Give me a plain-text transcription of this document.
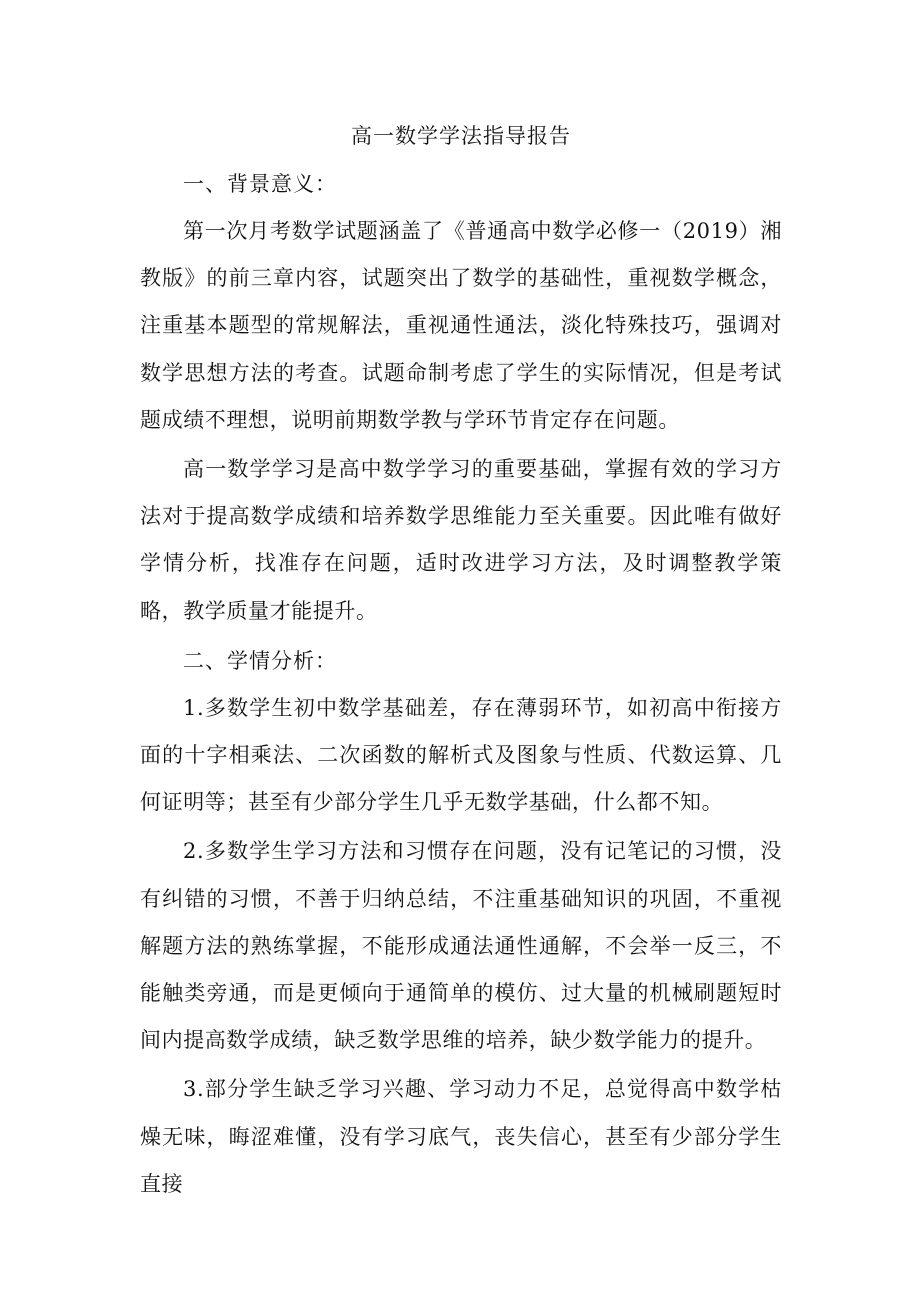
高一数学学法指导报告

一、背景意义：

第一次月考数学试题涵盖了《普通高中数学必修一（2019）湘教版》的前三章内容，试题突出了数学的基础性，重视数学概念，注重基本题型的常规解法，重视通性通法，淡化特殊技巧，强调对数学思想方法的考查。试题命制考虑了学生的实际情况，但是考试题成绩不理想，说明前期数学教与学环节肯定存在问题。

高一数学学习是高中数学学习的重要基础，掌握有效的学习方法对于提高数学成绩和培养数学思维能力至关重要。因此唯有做好学情分析，找准存在问题，适时改进学习方法，及时调整教学策略，教学质量才能提升。

二、学情分析：

1.多数学生初中数学基础差，存在薄弱环节，如初高中衔接方面的十字相乘法、二次函数的解析式及图象与性质、代数运算、几何证明等；甚至有少部分学生几乎无数学基础，什么都不知。

2.多数学生学习方法和习惯存在问题，没有记笔记的习惯，没有纠错的习惯，不善于归纳总结，不注重基础知识的巩固，不重视解题方法的熟练掌握，不能形成通法通性通解，不会举一反三，不能触类旁通，而是更倾向于通简单的模仿、过大量的机械刷题短时间内提高数学成绩，缺乏数学思维的培养，缺少数学能力的提升。

3.部分学生缺乏学习兴趣、学习动力不足，总觉得高中数学枯燥无味，晦涩难懂，没有学习底气，丧失信心，甚至有少部分学生直接
